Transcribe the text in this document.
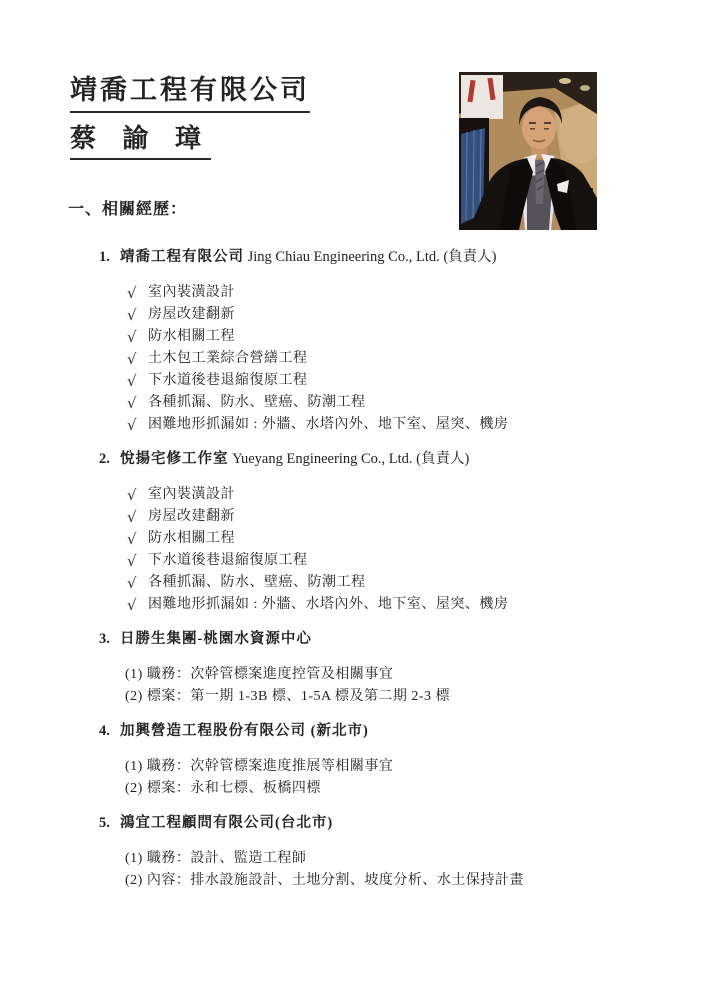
靖喬工程有限公司
蔡 諭 璋
一、相關經歷：
1. 靖喬工程有限公司 Jing Chiau Engineering Co., Ltd. (負責人)
√ 室內裝潢設計
√ 房屋改建翻新
√ 防水相關工程
√ 土木包工業綜合營繕工程
√ 下水道後巷退縮復原工程
√ 各種抓漏、防水、壁癌、防潮工程
√ 困難地形抓漏如 : 外牆、水塔內外、地下室、屋突、機房
2. 悅揚宅修工作室 Yueyang Engineering Co., Ltd. (負責人)
√ 室內裝潢設計
√ 房屋改建翻新
√ 防水相關工程
√ 下水道後巷退縮復原工程
√ 各種抓漏、防水、壁癌、防潮工程
√ 困難地形抓漏如 : 外牆、水塔內外、地下室、屋突、機房
3. 日勝生集團-桃園水資源中心
(1) 職務：次幹管標案進度控管及相關事宜
(2) 標案：第一期 1-3B 標、1-5A 標及第二期 2-3 標
4. 加興營造工程股份有限公司 (新北市)
(1) 職務：次幹管標案進度推展等相關事宜
(2) 標案：永和七標、板橋四標
5. 鴻宜工程顧問有限公司(台北市)
(1) 職務：設計、監造工程師
(2) 內容：排水設施設計、土地分割、坡度分析、水土保持計畫
